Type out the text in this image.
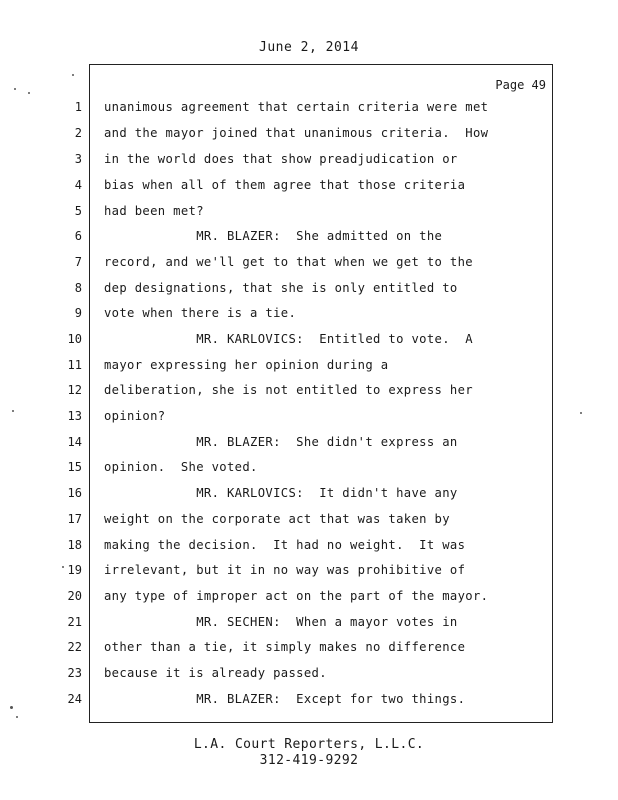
June 2, 2014
Page 49
1 unanimous agreement that certain criteria were met
2 and the mayor joined that unanimous criteria.  How
3 in the world does that show preadjudication or
4 bias when all of them agree that those criteria
5 had been met?
6 MR. BLAZER:  She admitted on the
7 record, and we'll get to that when we get to the
8 dep designations, that she is only entitled to
9 vote when there is a tie.
10 MR. KARLOVICS:  Entitled to vote.  A
11 mayor expressing her opinion during a
12 deliberation, she is not entitled to express her
13 opinion?
14 MR. BLAZER:  She didn't express an
15 opinion.  She voted.
16 MR. KARLOVICS:  It didn't have any
17 weight on the corporate act that was taken by
18 making the decision.  It had no weight.  It was
19 irrelevant, but it in no way was prohibitive of
20 any type of improper act on the part of the mayor.
21 MR. SECHEN:  When a mayor votes in
22 other than a tie, it simply makes no difference
23 because it is already passed.
24 MR. BLAZER:  Except for two things.
L.A. Court Reporters, L.L.C.
312-419-9292
